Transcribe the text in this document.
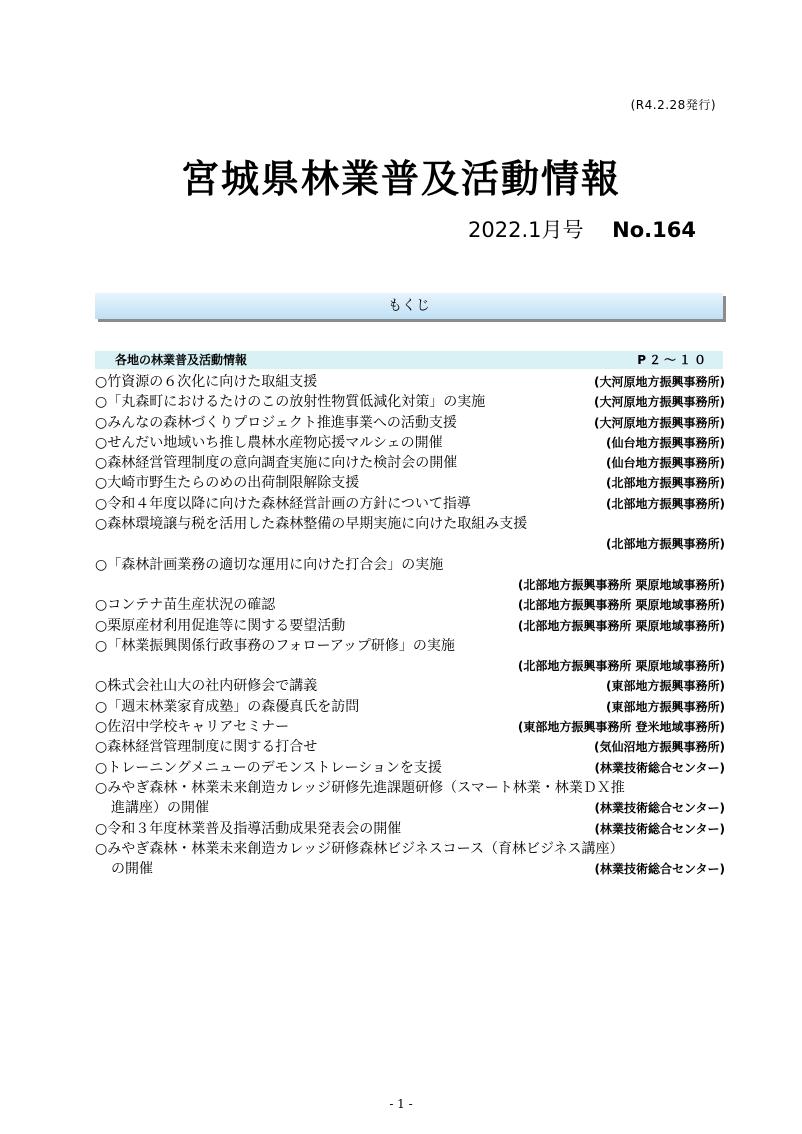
(R4.2.28発行)
宮城県林業普及活動情報
2022.1月号 No.164
もくじ
各地の林業普及活動情報	P２～１０
○竹資源の６次化に向けた取組支援	(大河原地方振興事務所)
○「丸森町におけるたけのこの放射性物質低減化対策」の実施	(大河原地方振興事務所)
○みんなの森林づくりプロジェクト推進事業への活動支援	(大河原地方振興事務所)
○せんだい地域いち推し農林水産物応援マルシェの開催	(仙台地方振興事務所)
○森林経営管理制度の意向調査実施に向けた検討会の開催	(仙台地方振興事務所)
○大崎市野生たらのめの出荷制限解除支援	(北部地方振興事務所)
○令和４年度以降に向けた森林経営計画の方針について指導	(北部地方振興事務所)
○森林環境譲与税を活用した森林整備の早期実施に向けた取組み支援
(北部地方振興事務所)
○「森林計画業務の適切な運用に向けた打合会」の実施
(北部地方振興事務所 栗原地域事務所)
○コンテナ苗生産状況の確認	(北部地方振興事務所 栗原地域事務所)
○栗原産材利用促進等に関する要望活動	(北部地方振興事務所 栗原地域事務所)
○「林業振興関係行政事務のフォローアップ研修」の実施
(北部地方振興事務所 栗原地域事務所)
○株式会社山大の社内研修会で講義	(東部地方振興事務所)
○「週末林業家育成塾」の森優真氏を訪問	(東部地方振興事務所)
○佐沼中学校キャリアセミナー	(東部地方振興事務所 登米地域事務所)
○森林経営管理制度に関する打合せ	(気仙沼地方振興事務所)
○トレーニングメニューのデモンストレーションを支援	(林業技術総合センター)
○みやぎ森林・林業未来創造カレッジ研修先進課題研修（スマート林業・林業ＤＸ推
進講座）の開催	(林業技術総合センター)
○令和３年度林業普及指導活動成果発表会の開催	(林業技術総合センター)
○みやぎ森林・林業未来創造カレッジ研修森林ビジネスコース（育林ビジネス講座）
の開催	(林業技術総合センター)
- 1 -
